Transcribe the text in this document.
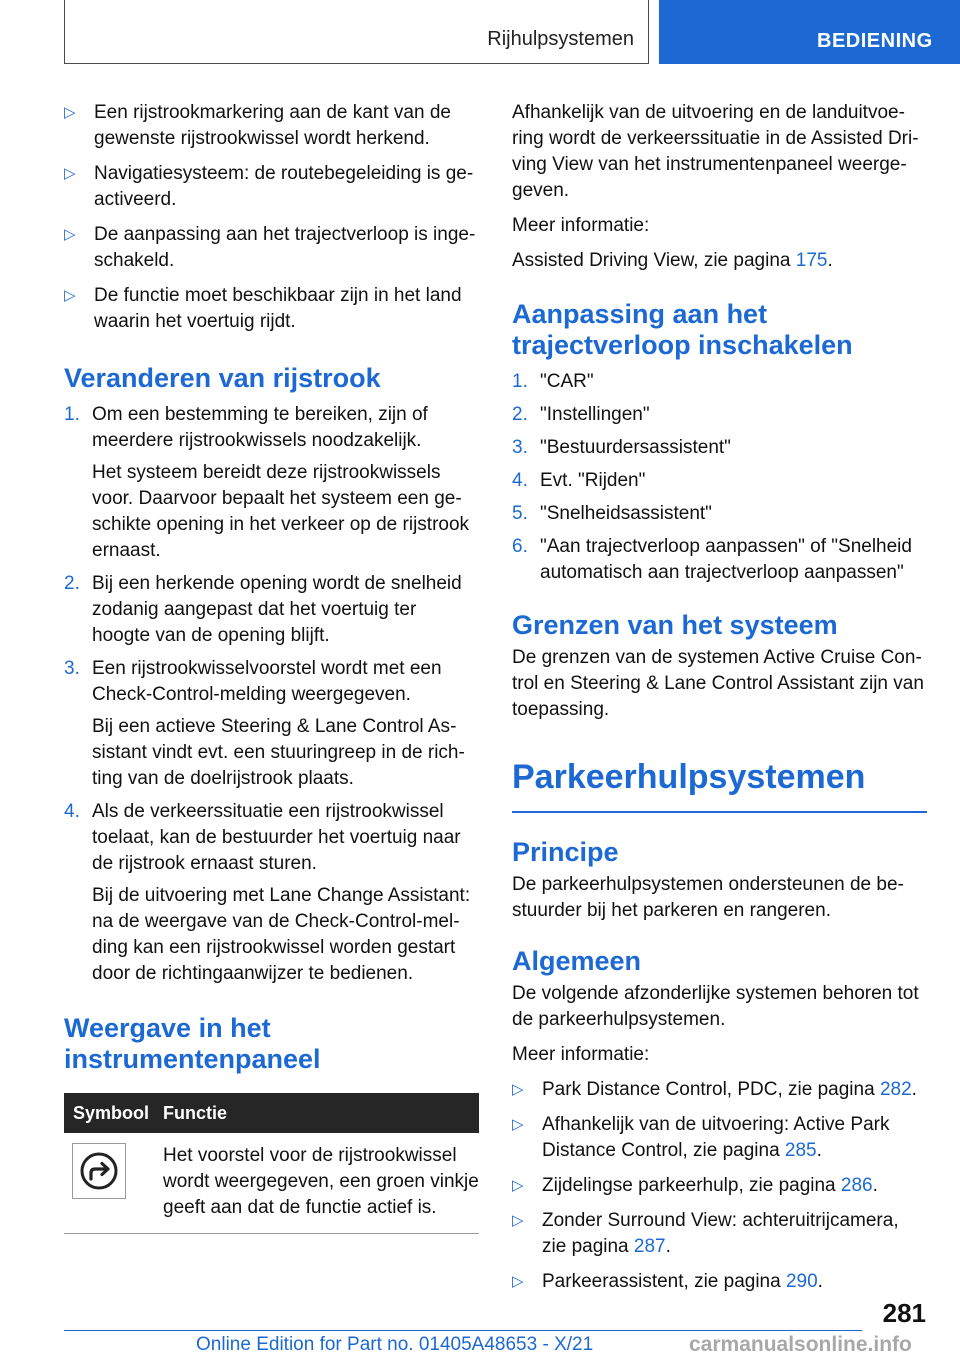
Rijhulpsystemen	BEDIENING
▷ Een rijstrookmarkering aan de kant van de gewenste rijstrookwissel wordt herkend.
▷ Navigatiesysteem: de routebegeleiding is geactiveerd.
▷ De aanpassing aan het trajectverloop is ingeschakeld.
▷ De functie moet beschikbaar zijn in het land waarin het voertuig rijdt.
Veranderen van rijstrook
1. Om een bestemming te bereiken, zijn of meerdere rijstrookwissels noodzakelijk.
Het systeem bereidt deze rijstrookwissels voor. Daarvoor bepaalt het systeem een geschikte opening in het verkeer op de rijstrook ernaast.
2. Bij een herkende opening wordt de snelheid zodanig aangepast dat het voertuig ter hoogte van de opening blijft.
3. Een rijstrookwisselvoorstel wordt met een Check-Control-melding weergegeven.
Bij een actieve Steering & Lane Control Assistant vindt evt. een stuuringreep in de richting van de doelrijstrook plaats.
4. Als de verkeerssituatie een rijstrookwissel toelaat, kan de bestuurder het voertuig naar de rijstrook ernaast sturen.
Bij de uitvoering met Lane Change Assistant: na de weergave van de Check-Control-melding kan een rijstrookwissel worden gestart door de richtingaanwijzer te bedienen.
Weergave in het instrumentenpaneel
Symbool Functie
Het voorstel voor de rijstrookwissel wordt weergegeven, een groen vinkje geeft aan dat de functie actief is.

Afhankelijk van de uitvoering en de landuitvoering wordt de verkeerssituatie in de Assisted Driving View van het instrumentenpaneel weergegeven.

Meer informatie:

Assisted Driving View, zie pagina 175.

Aanpassing aan het trajectverloop inschakelen
1. "CAR"
2. "Instellingen"
3. "Bestuurdersassistent"
4. Evt. "Rijden"
5. "Snelheidsassistent"
6. "Aan trajectverloop aanpassen" of "Snelheid automatisch aan trajectverloop aanpassen"
Grenzen van het systeem

De grenzen van de systemen Active Cruise Control en Steering & Lane Control Assistant zijn van toepassing.

Parkeerhulpsystemen
Principe

De parkeerhulpsystemen ondersteunen de bestuurder bij het parkeren en rangeren.

Algemeen

De volgende afzonderlijke systemen behoren tot de parkeerhulpsystemen.

Meer informatie:

▷ Park Distance Control, PDC, zie pagina 282.
▷ Afhankelijk van de uitvoering: Active Park Distance Control, zie pagina 285.
▷ Zijdelingse parkeerhulp, zie pagina 286.
▷ Zonder Surround View: achteruitrijcamera, zie pagina 287.
▷ Parkeerassistent, zie pagina 290.
281
Online Edition for Part no. 01405A48653 - X/21	carmanualsonline.info
